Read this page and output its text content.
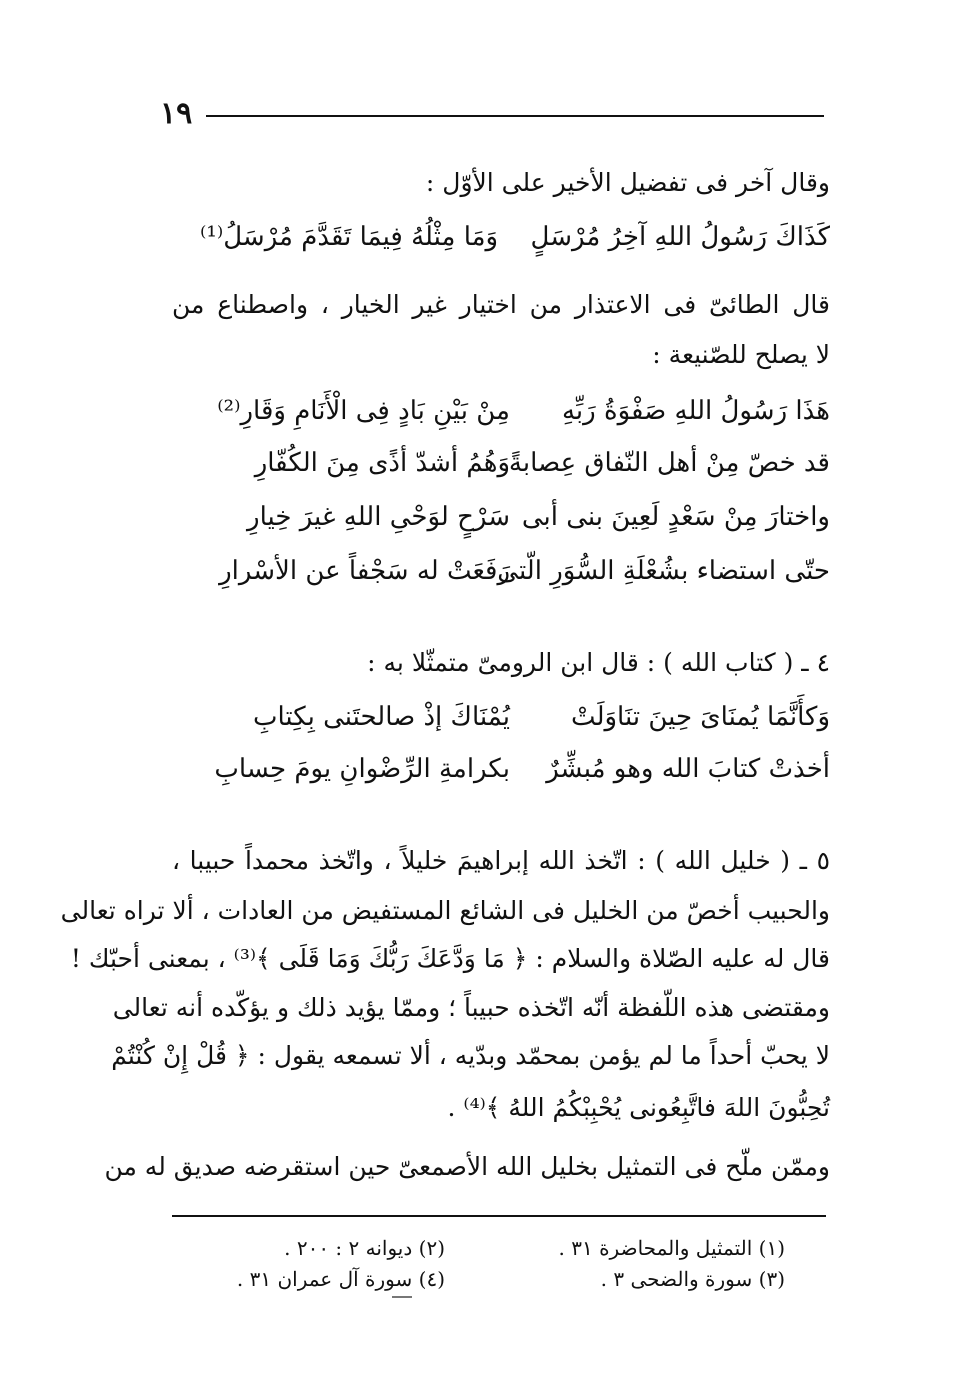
١٩
وقال آخر فى تفضيل الأخير على الأوّل :
كَذَاكَ رَسُولُ اللهِ آخِرُ مُرْسَلٍ
وَمَا مِثْلُهُ فِيمَا تَقَدَّمَ مُرْسَلُ⁽¹⁾
قال الطائىّ فى الاعتذار من اختيار غير الخيار ، واصطناع من
لا يصلح للصّنيعة :
هَذَا رَسُولُ اللهِ صَفْوَةُ رَبِّهِ
مِنْ بَيْنِ بَادٍ فِى الْأَنَامِ وَقَارِ⁽²⁾
قد خصّ مِنْ أهل النّفاق عِصابةً
وَهُمُ أشدّ أذًى مِنَ الكُفّارِ
واختارَ مِنْ سَعْدٍ لَعِينَ بنى أبى
سَرْحٍ لوَحْىِ اللهِ غيرَ خِيارِ
حتّى استضاء بشُعْلَةِ السُّوَرِ الّتى
رَفَعَتْ له سَجْفاً عن الأسْرارِ
٤ ـ ( كتاب الله ) : قال ابن الرومىّ متمثّلا به :
وَكأَنَّمَا يُمنَاىَ حِينَ تنَاوَلَتْ
يُمْنَاكَ إذْ صالحتَنى بِكِتابِ
أخذتْ كتابَ الله وهو مُبشِّرٌ
بكرامةِ الرِّضْوانِ يومَ حِسابِ
٥ ـ ( خليل الله ) : اتّخذ الله إبراهيمَ خليلاً ، واتّخذ محمداً حبيبا ،
والحبيب أخصّ من الخليل فى الشائع المستفيض من العادات ، ألا تراه تعالى
قال له عليه الصّلاة والسلام : ﴿ مَا وَدَّعَكَ رَبُّكَ وَمَا قَلَى ﴾⁽³⁾ ، بمعنى أحبّك !
ومقتضى هذه اللّفظة أنّه اتّخذه حبيباً ؛ وممّا يؤيد ذلك و يؤكّده أنه تعالى
لا يحبّ أحداً ما لم يؤمن بمحمّد وبدّيه ، ألا تسمعه يقول : ﴿ قُلْ إِنْ كُنْتُمْ
تُحِبُّونَ اللهَ فاتَّبِعُونى يُحْبِبْكُمُ اللهُ ﴾⁽⁴⁾ .
وممّن ملّح فى التمثيل بخليل الله الأصمعىّ حين استقرضه صديق له من
(١) التمثيل والمحاضرة ٣١ .
(٢) ديوانه ٢ : ٢٠٠ .
(٣) سورة والضحى ٣ .
(٤) سورة آل عمران ٣١ .
